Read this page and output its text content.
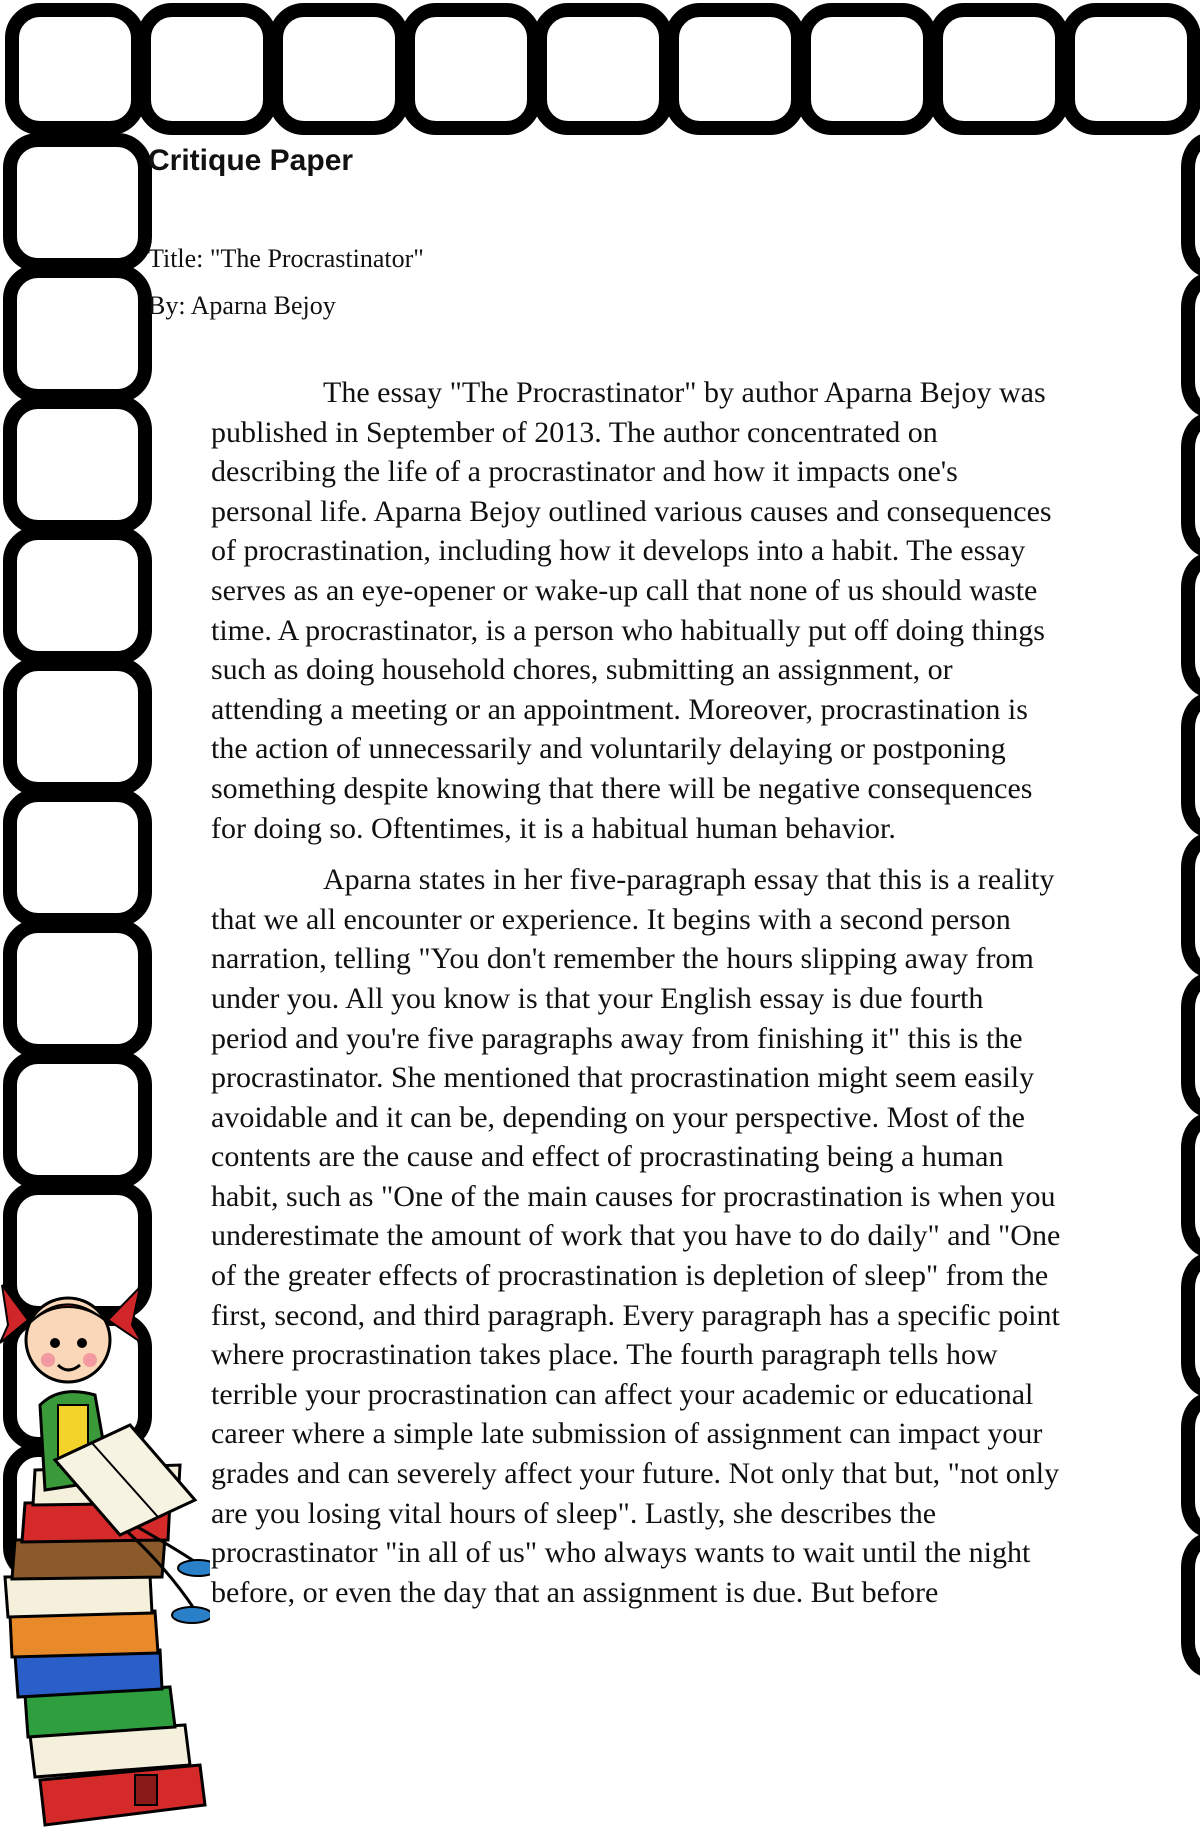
Critique Paper

Title: "The Procrastinator"

By: Aparna Bejoy

The essay "The Procrastinator" by author Aparna Bejoy was published in September of 2013. The author concentrated on describing the life of a procrastinator and how it impacts one's personal life. Aparna Bejoy outlined various causes and consequences of procrastination, including how it develops into a habit. The essay serves as an eye-opener or wake-up call that none of us should waste time. A procrastinator, is a person who habitually put off doing things such as doing household chores, submitting an assignment, or attending a meeting or an appointment. Moreover, procrastination is the action of unnecessarily and voluntarily delaying or postponing something despite knowing that there will be negative consequences for doing so. Oftentimes, it is a habitual human behavior.

Aparna states in her five-paragraph essay that this is a reality that we all encounter or experience. It begins with a second person narration, telling "You don't remember the hours slipping away from under you. All you know is that your English essay is due fourth period and you're five paragraphs away from finishing it" this is the procrastinator. She mentioned that procrastination might seem easily avoidable and it can be, depending on your perspective. Most of the contents are the cause and effect of procrastinating being a human habit, such as "One of the main causes for procrastination is when you underestimate the amount of work that you have to do daily" and "One of the greater effects of procrastination is depletion of sleep" from the first, second, and third paragraph. Every paragraph has a specific point where procrastination takes place. The fourth paragraph tells how terrible your procrastination can affect your academic or educational career where a simple late submission of assignment can impact your grades and can severely affect your future. Not only that but, "not only are you losing vital hours of sleep". Lastly, she describes the procrastinator "in all of us" who always wants to wait until the night before, or even the day that an assignment is due. But before
